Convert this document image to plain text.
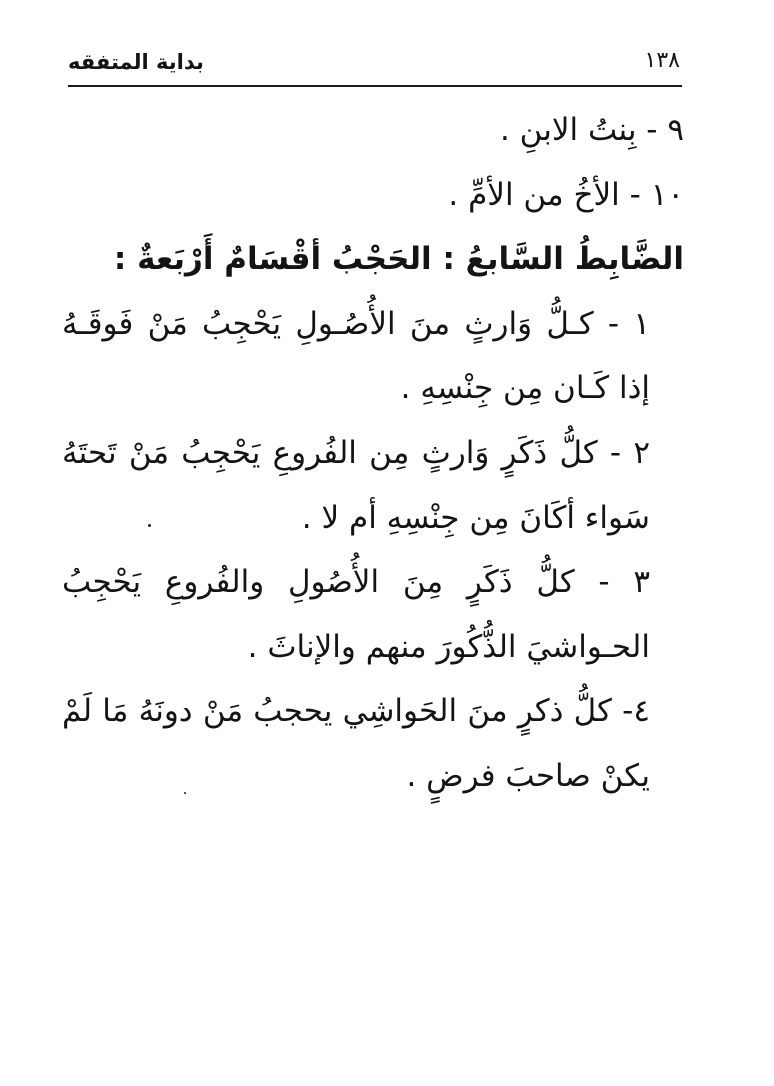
بداية المتفقه	١٣٨

٩ - بِنتُ الابنِ .

١٠ - الأخُ من الأمِّ .

الضَّابِطُ السَّابعُ : الحَجْبُ أقْسَامٌ أَرْبَعةٌ :

١ - كـلُّ وَارثٍ منَ الأُصُـولِ يَحْجِبُ مَنْ فَوقَـهُ إذا كَـان مِن جِنْسِهِ .

٢ - كلُّ ذَكَرٍ وَارثٍ مِن الفُروعِ يَحْجِبُ مَنْ تَحتَهُ سَواء أكَانَ مِن جِنْسِهِ أم لا .

٣ - كلُّ ذَكَرٍ مِنَ الأُصُولِ والفُروعِ يَحْجِبُ الحـواشيَ الذُّكُورَ منهم والإناثَ .

٤- كلُّ ذكرٍ منَ الحَواشِي يحجبُ مَنْ دونَهُ مَا لَمْ يكنْ صاحبَ فرضٍ .
